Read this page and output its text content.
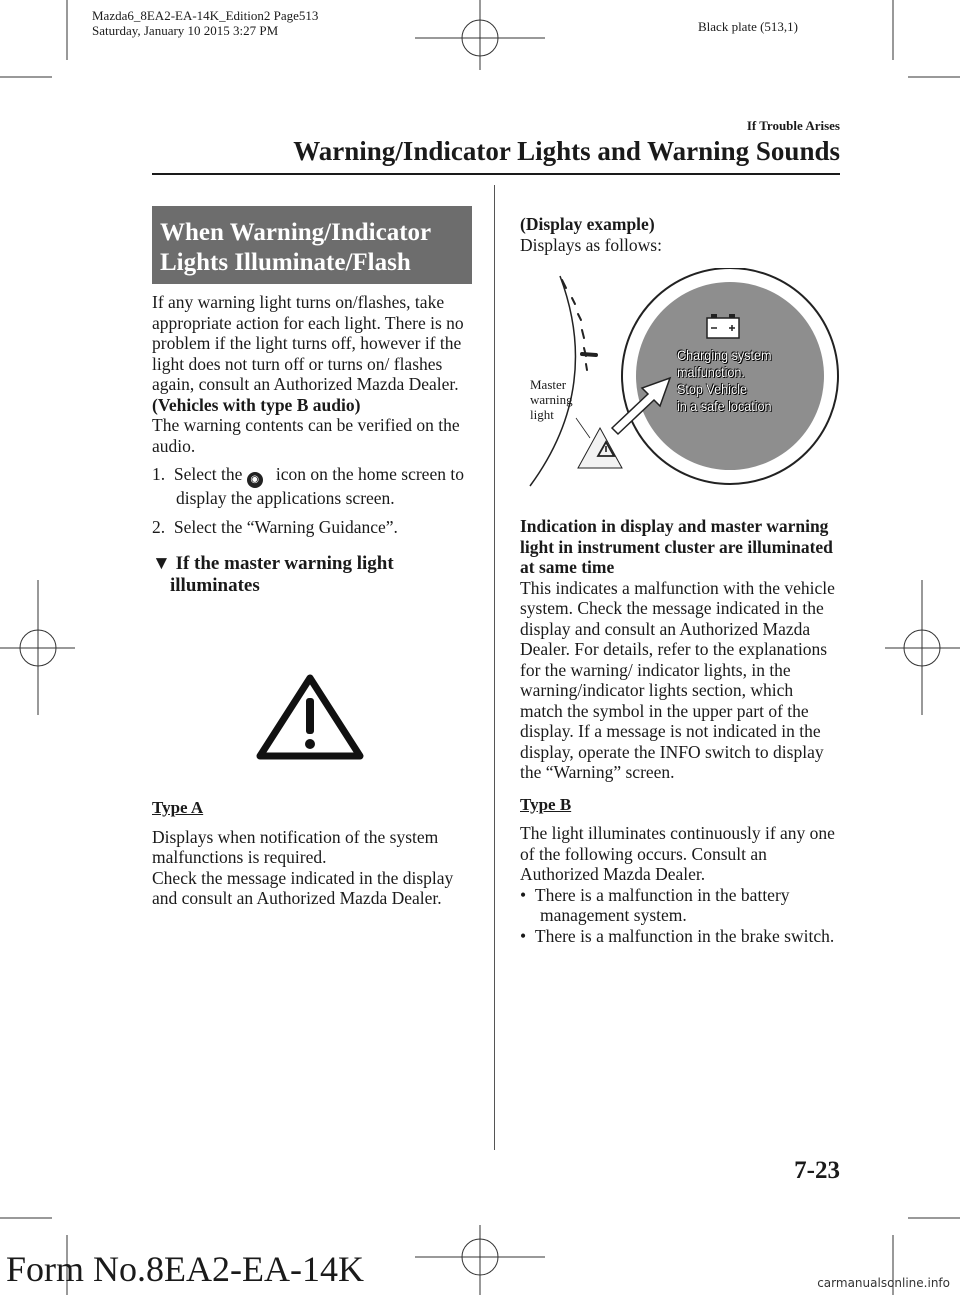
Mazda6_8EA2-EA-14K_Edition2 Page513
Saturday, January 10 2015 3:27 PM	Black plate (513,1)
If Trouble Arises
Warning/Indicator Lights and Warning Sounds
When Warning/Indicator
Lights Illuminate/Flash

If any warning light turns on/flashes, take appropriate action for each light. There is no problem if the light turns off, however if the light does not turn off or turns on/ flashes again, consult an Authorized Mazda Dealer.

(Vehicles with type B audio)

The warning contents can be verified on the audio.

1. Select the ◉ icon on the home screen to display the applications screen.

2. Select the “Warning Guidance”.

▼ If the master warning light illuminates

Type A

Displays when notification of the system malfunctions is required.

Check the message indicated in the display and consult an Authorized Mazda Dealer.

(Display example)

Displays as follows:

Master
warning
light
Charging system
malfunction.
Stop Vehicle
in a safe location

Indication in display and master warning light in instrument cluster are illuminated at same time

This indicates a malfunction with the vehicle system. Check the message indicated in the display and consult an Authorized Mazda Dealer. For details, refer to the explanations for the warning/ indicator lights, in the warning/indicator lights section, which match the symbol in the upper part of the display. If a message is not indicated in the display, operate the INFO switch to display the “Warning” screen.

Type B

The light illuminates continuously if any one of the following occurs. Consult an Authorized Mazda Dealer.

• There is a malfunction in the battery management system.

• There is a malfunction in the brake switch.

7-23
Form No.8EA2-EA-14K	carmanualsonline.info
